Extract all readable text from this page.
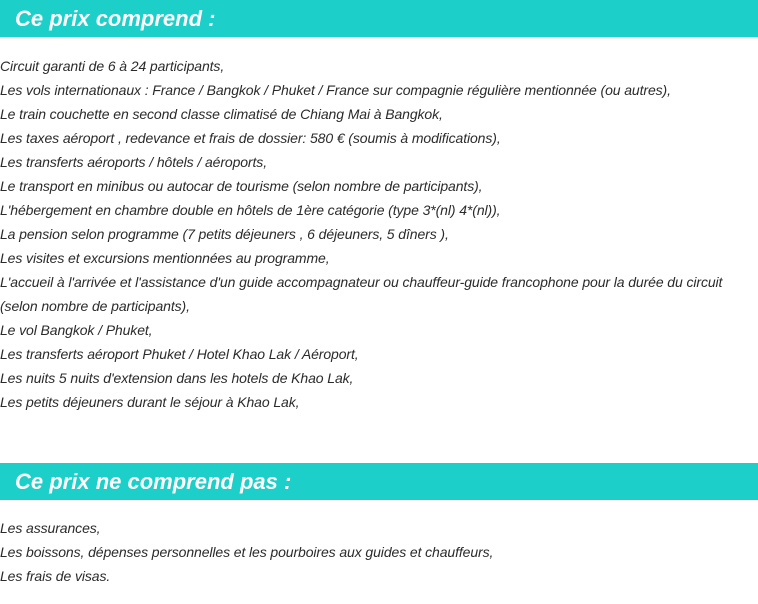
Ce prix comprend :
Circuit garanti de 6 à 24 participants,
Les vols internationaux : France / Bangkok / Phuket / France sur compagnie régulière mentionnée (ou autres),
Le train couchette en second classe climatisé de Chiang Mai à Bangkok,
Les taxes aéroport , redevance et frais de dossier: 580 € (soumis à modifications),
Les transferts aéroports / hôtels / aéroports,
Le transport en minibus ou autocar de tourisme (selon nombre de participants),
L'hébergement en chambre double en hôtels de 1ère catégorie (type 3*(nl) 4*(nl)),
La pension selon programme (7 petits déjeuners , 6 déjeuners, 5 dîners ),
Les visites et excursions mentionnées au programme,
L'accueil à l'arrivée et l'assistance d'un guide accompagnateur ou chauffeur-guide francophone pour la durée du circuit (selon nombre de participants),
Le vol Bangkok / Phuket,
Les transferts aéroport Phuket / Hotel Khao Lak / Aéroport,
Les nuits 5 nuits d'extension dans les hotels de Khao Lak,
Les petits déjeuners durant le séjour à Khao Lak,
Ce prix ne comprend pas :
Les assurances,
Les boissons, dépenses personnelles et les pourboires aux guides et chauffeurs,
Les frais de visas.
